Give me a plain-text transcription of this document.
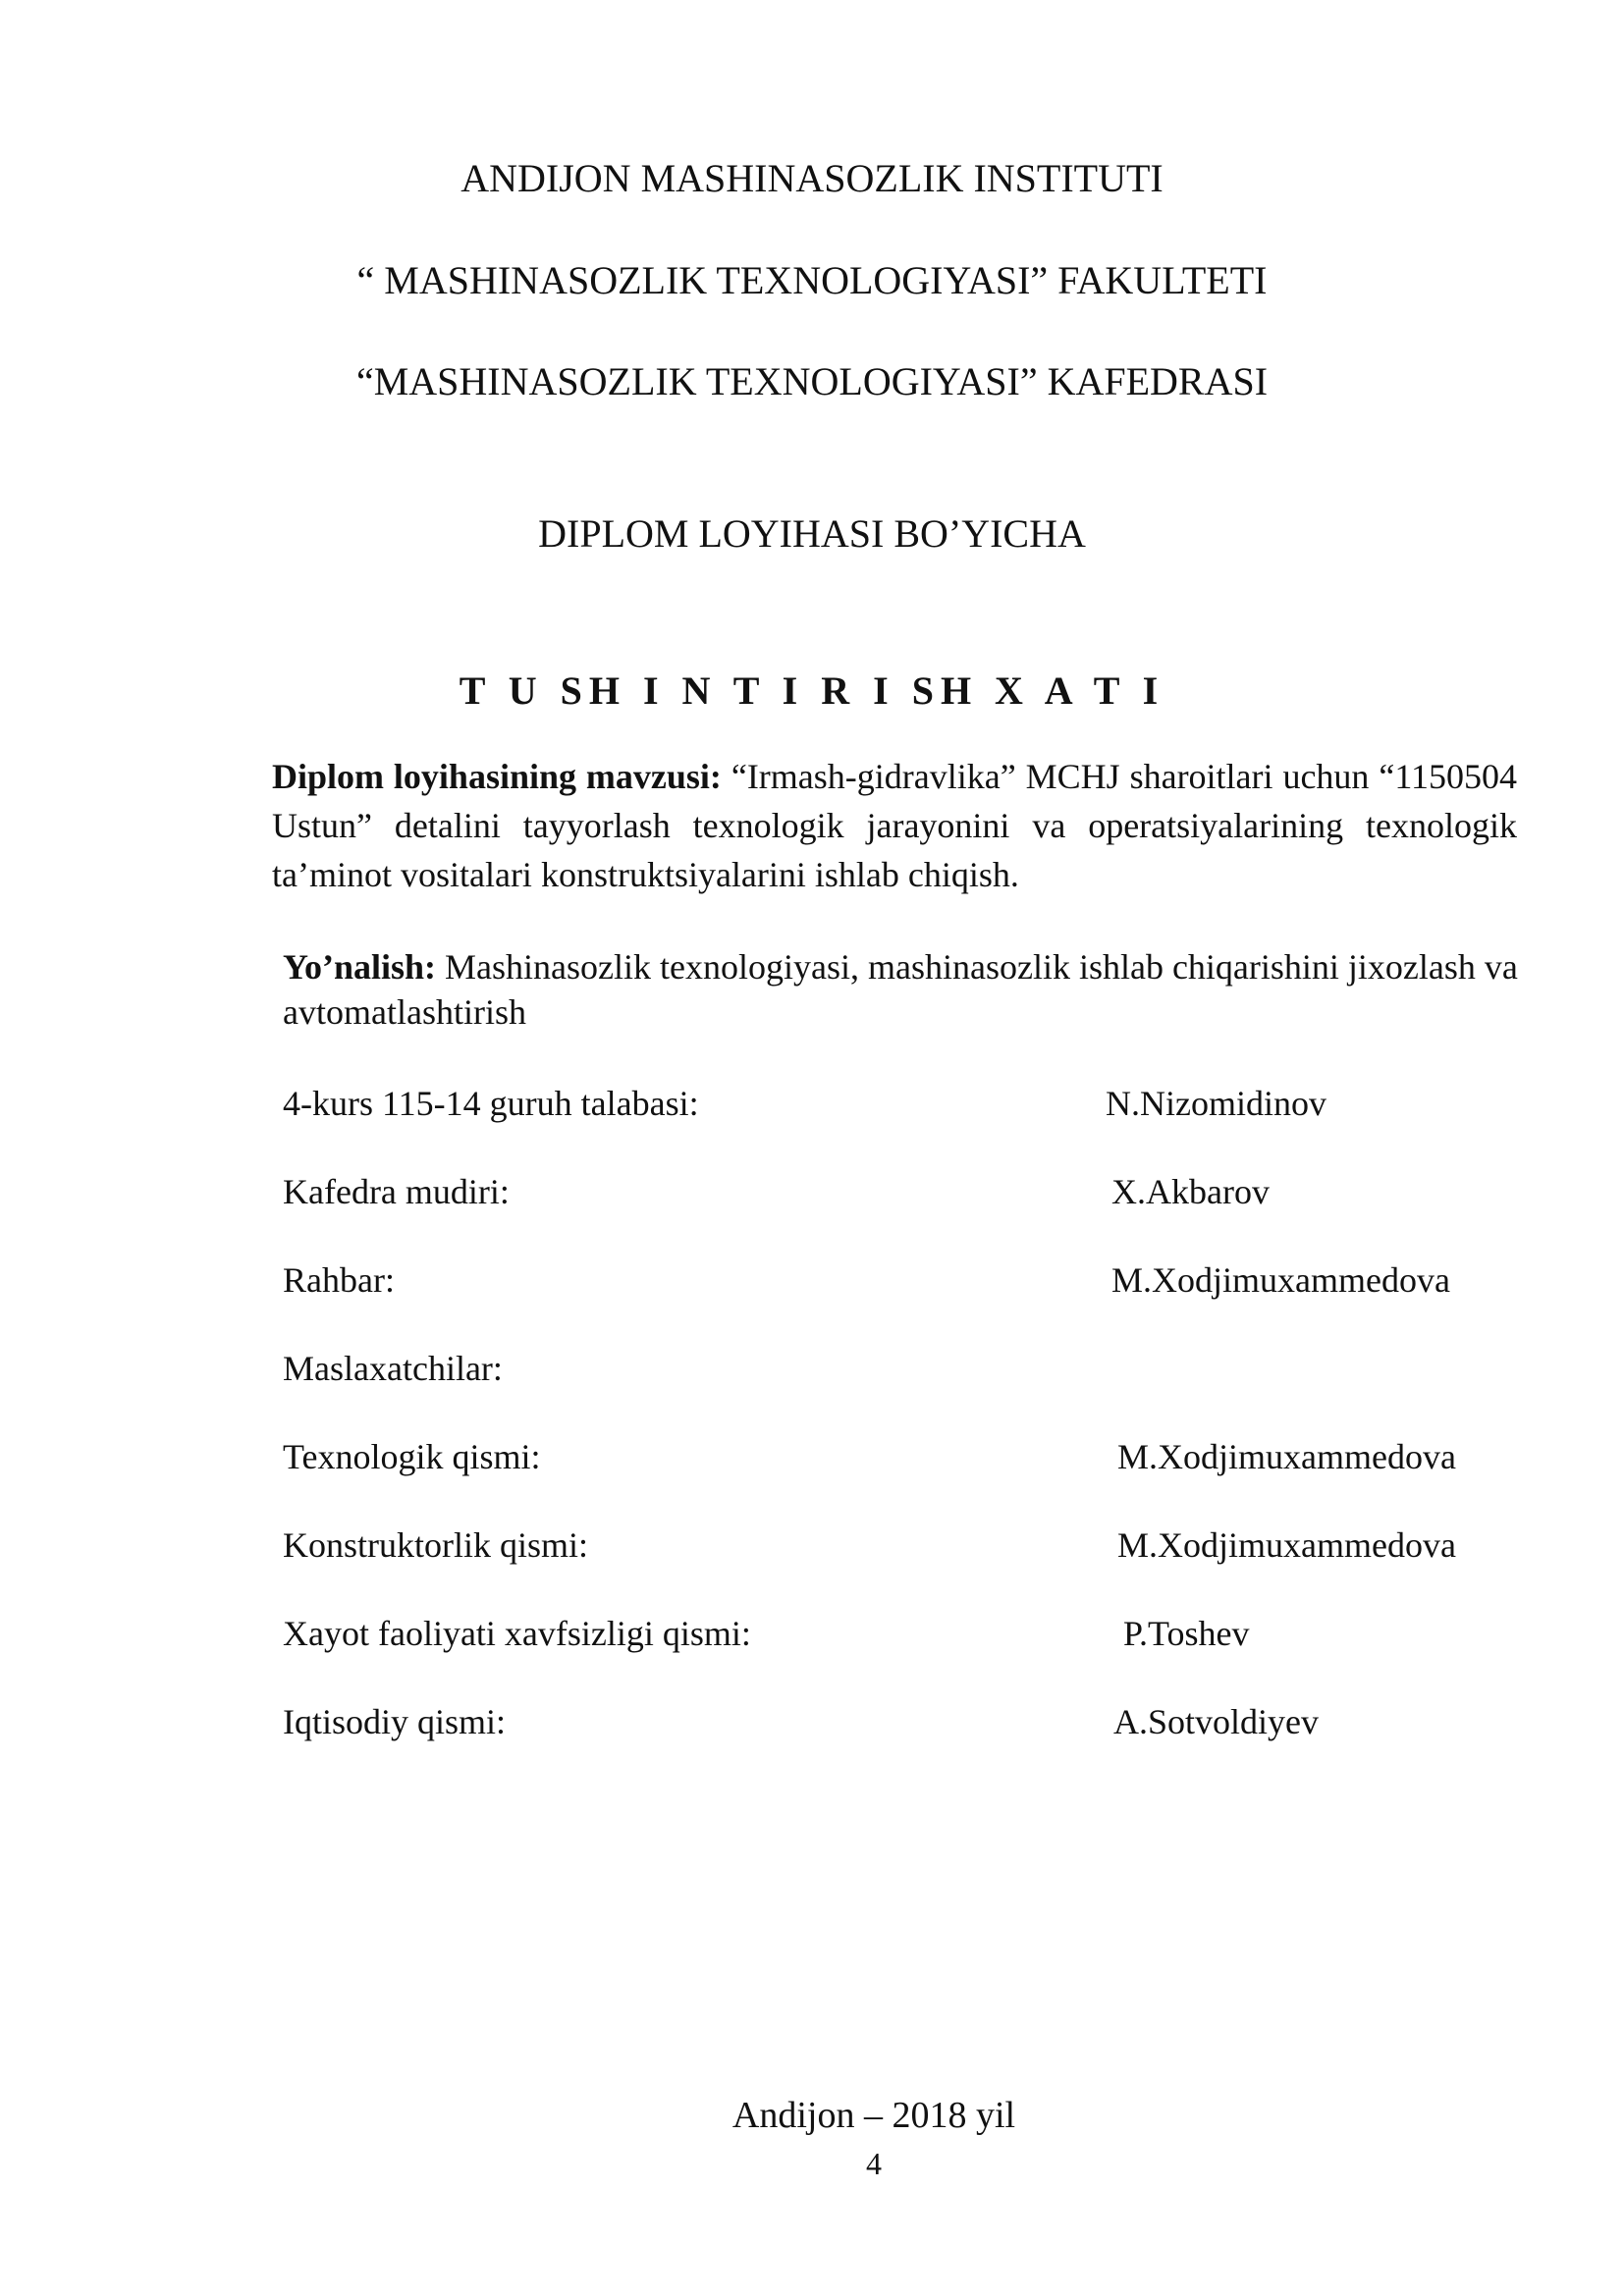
ANDIJON MASHINASOZLIK INSTITUTI
“ MASHINASOZLIK TEXNOLOGIYASI” FAKULTETI
“MASHINASOZLIK TEXNOLOGIYASI” KAFEDRASI
DIPLOM LOYIHASI BO’YICHA
T U SH I N T I R I SH X A T I
Diplom loyihasining mavzusi: “Irmash-gidravlika” MCHJ sharoitlari uchun “1150504 Ustun” detalini tayyorlash texnologik jarayonini va operatsiyalarining texnologik ta’minot vositalari konstruktsiyalarini ishlab chiqish.
Yo’nalish: Mashinasozlik texnologiyasi, mashinasozlik ishlab chiqarishini jixozlash va avtomatlashtirish
4-kurs 115-14 guruh talabasi:	N.Nizomidinov
Kafedra mudiri:	X.Akbarov
Rahbar:	M.Xodjimuxammedova
Maslaxatchilar:
Texnologik qismi:	M.Xodjimuxammedova
Konstruktorlik qismi:	M.Xodjimuxammedova
Xayot faoliyati xavfsizligi qismi:	P.Toshev
Iqtisodiy qismi:	A.Sotvoldiyev
Andijon – 2018 yil
4
